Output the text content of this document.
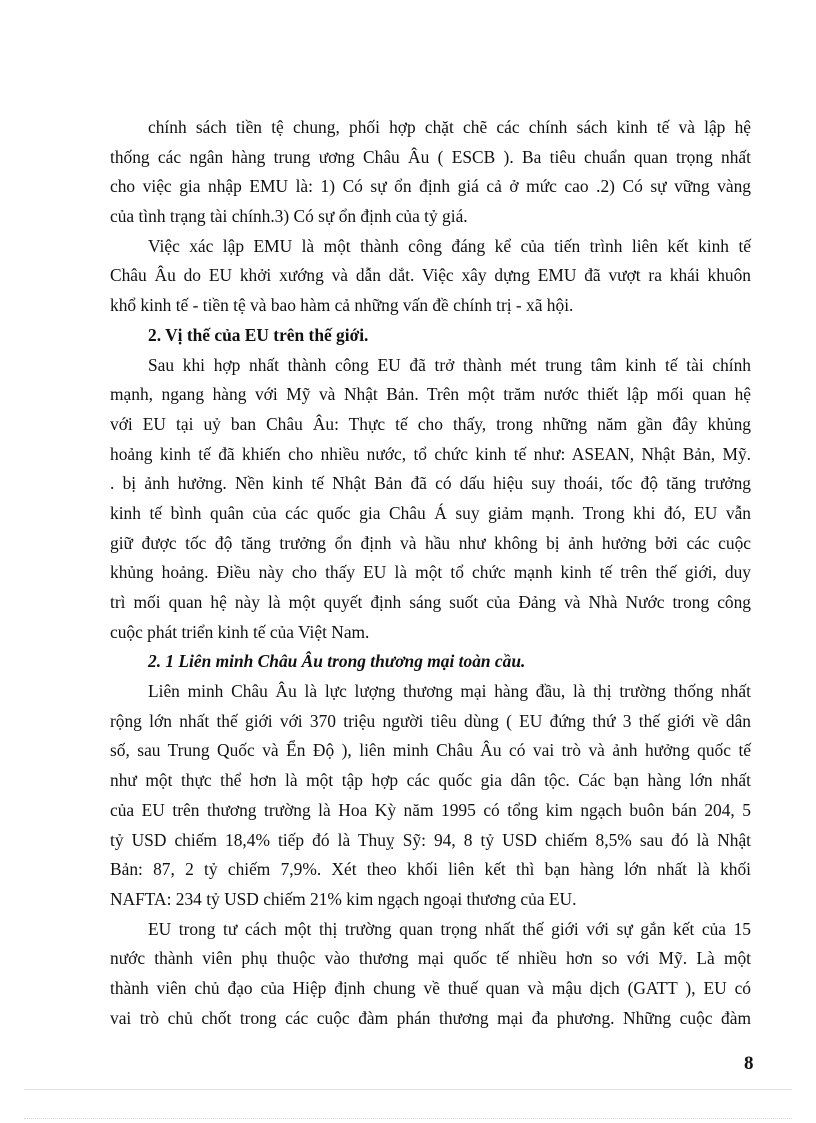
chính sách tiền tệ chung, phối hợp chặt chẽ các chính sách kinh tế và lập hệ
thống các ngân hàng trung ương Châu Âu ( ESCB ). Ba tiêu chuẩn quan trọng nhất
cho việc gia nhập EMU là: 1) Có sự ổn định giá cả ở mức cao .2) Có sự vững vàng
của tình trạng tài chính.3) Có sự ổn định của tỷ giá.
Việc xác lập EMU là một thành công đáng kể của tiến trình liên kết kinh tế
Châu Âu do EU khởi xướng và dẫn dắt. Việc xây dựng EMU đã vượt ra khái khuôn
khổ kinh tế - tiền tệ và bao hàm cả những vấn đề chính trị - xã hội.
2. Vị thế của EU trên thế giới.
Sau khi hợp nhất thành công EU đã trở thành mét trung tâm kinh tế tài chính
mạnh, ngang hàng với Mỹ và Nhật Bản. Trên một trăm nước thiết lập mối quan hệ
với EU tại uỷ ban Châu Âu: Thực tế cho thấy, trong những năm gần đây khủng
hoảng kinh tế đã khiến cho nhiều nước, tổ chức kinh tế như: ASEAN, Nhật Bản, Mỹ.
. bị ảnh hưởng. Nền kinh tế Nhật Bản đã có dấu hiệu suy thoái, tốc độ tăng trưởng
kinh tế bình quân của các quốc gia Châu Á suy giảm mạnh. Trong khi đó, EU vẫn
giữ được tốc độ tăng trưởng ổn định và hầu như không bị ảnh hưởng bởi các cuộc
khủng hoảng. Điều này cho thấy EU là một tổ chức mạnh kinh tế trên thế giới, duy
trì mối quan hệ này là một quyết định sáng suốt của Đảng và Nhà Nước trong công
cuộc phát triển kinh tế của Việt Nam.
2. 1 Liên minh Châu Âu trong thương mại toàn cầu.
Liên minh Châu Âu là lực lượng thương mại hàng đầu, là thị trường thống nhất
rộng lớn nhất thế giới với 370 triệu người tiêu dùng ( EU đứng thứ 3 thế giới về dân
số, sau Trung Quốc và Ển Độ ), liên minh Châu Âu có vai trò và ảnh hưởng quốc tế
như một thực thể hơn là một tập hợp các quốc gia dân tộc. Các bạn hàng lớn nhất
của EU trên thương trường là Hoa Kỳ năm 1995 có tổng kim ngạch buôn bán 204, 5
tỷ USD chiếm 18,4% tiếp đó là Thuỵ Sỹ: 94, 8 tỷ USD chiếm 8,5% sau đó là Nhật
Bản: 87, 2 tỷ chiếm 7,9%. Xét theo khối liên kết thì bạn hàng lớn nhất là khối
NAFTA: 234 tỷ USD chiếm 21% kim ngạch ngoại thương của EU.
EU trong tư cách một thị trường quan trọng nhất thế giới với sự gắn kết của 15
nước thành viên phụ thuộc vào thương mại quốc tế nhiều hơn so với Mỹ. Là một
thành viên chủ đạo của Hiệp định chung về thuế quan và mậu dịch (GATT ), EU có
vai trò chủ chốt trong các cuộc đàm phán thương mại đa phương. Những cuộc đàm
8
